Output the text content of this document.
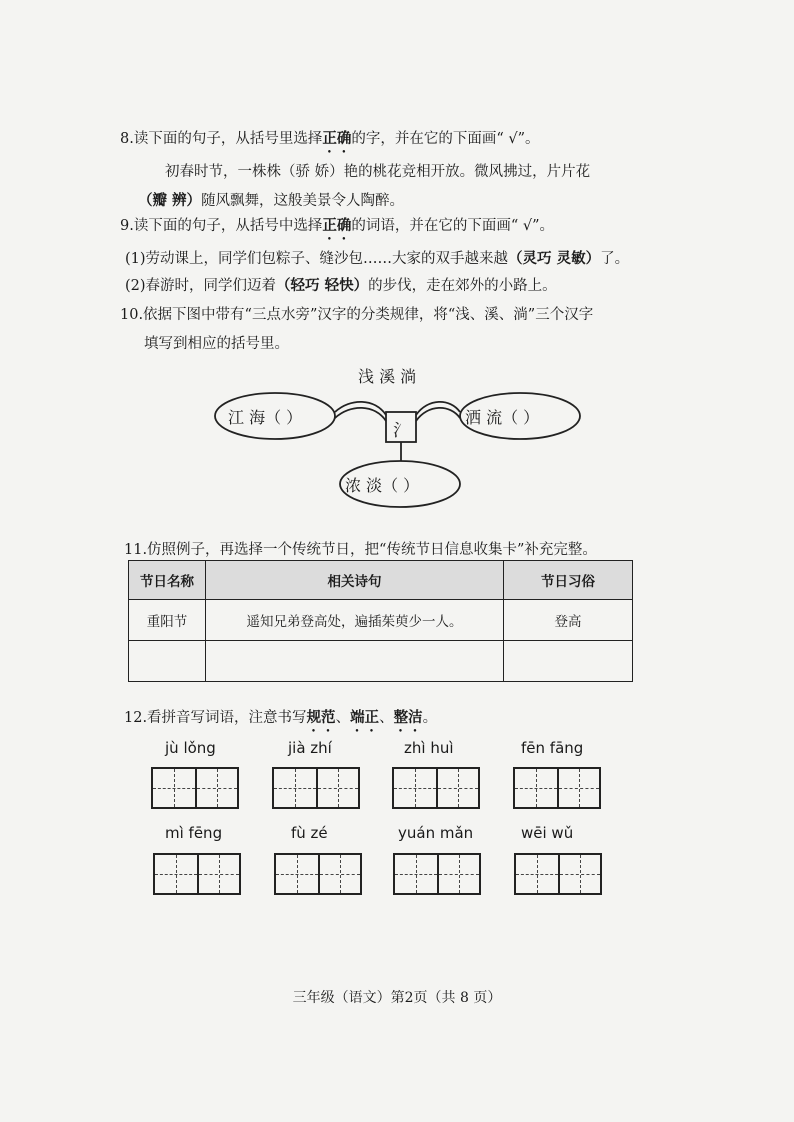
8.读下面的句子，从括号里选择正确的字，并在它的下面画“ √”。
初春时节，一株株（骄 娇）艳的桃花竞相开放。微风拂过，片片花
（瓣 辨）随风飘舞，这般美景令人陶醉。
9.读下面的句子，从括号中选择正确的词语，并在它的下面画“ √”。
(1)劳动课上，同学们包粽子、缝沙包……大家的双手越来越（灵巧 灵敏）了。
(2)春游时，同学们迈着（轻巧 轻快）的步伐，走在郊外的小路上。
10.依据下图中带有“三点水旁”汉字的分类规律，将“浅、溪、淌”三个汉字
填写到相应的括号里。
浅 溪 淌
氵
江 海（ ）	洒 流（ ）
浓 淡（ ）
11.仿照例子，再选择一个传统节日，把“传统节日信息收集卡”补充完整。
节日名称	相关诗句	节日习俗
重阳节	遥知兄弟登高处，遍插茱萸少一人。	登高

12.看拼音写词语，注意书写规范、端正、整洁。
jù lǒng	jià zhí	zhì huì	fēn fāng
mì fēng	fù zé	yuán mǎn	wēi wǔ
三年级（语文）第2页（共 8 页）
